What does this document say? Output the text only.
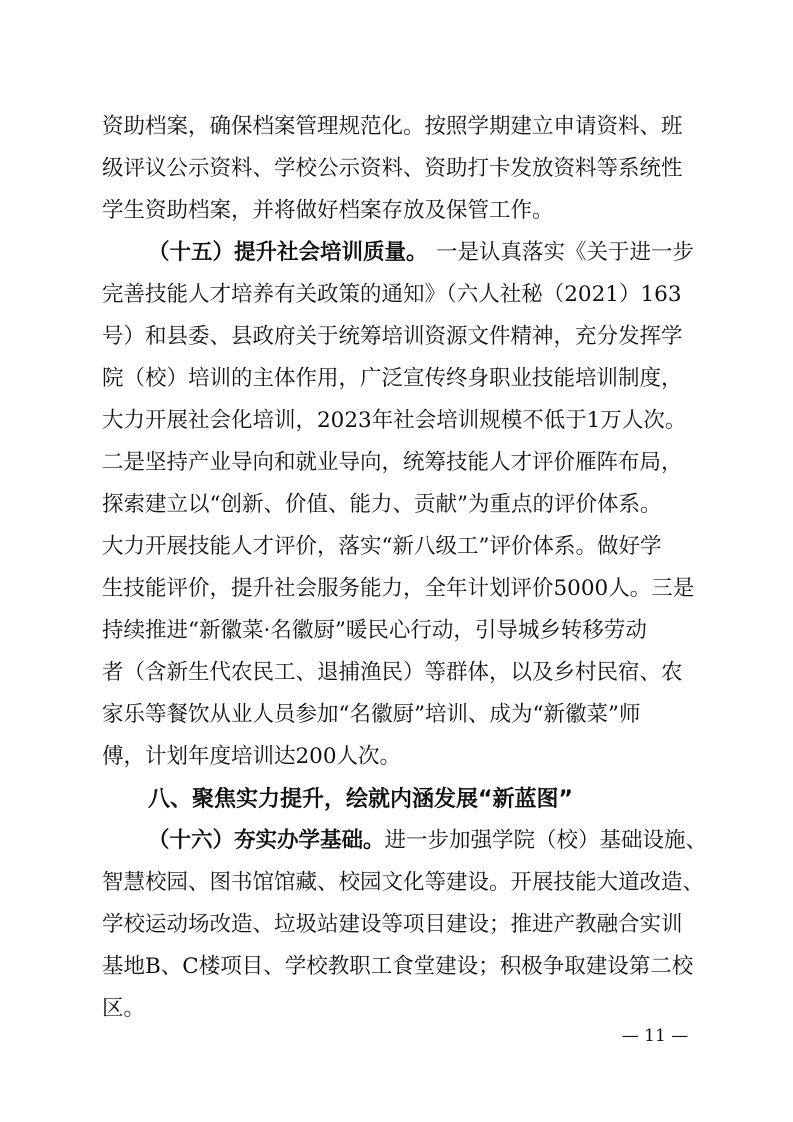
资助档案，确保档案管理规范化。按照学期建立申请资料、班
级评议公示资料、学校公示资料、资助打卡发放资料等系统性
学生资助档案，并将做好档案存放及保管工作。
（十五）提升社会培训质量。 一是认真落实《关于进一步
完善技能人才培养有关政策的通知》（六人社秘（2021）163
号）和县委、县政府关于统筹培训资源文件精神，充分发挥学
院（校）培训的主体作用，广泛宣传终身职业技能培训制度，
大力开展社会化培训，2023年社会培训规模不低于1万人次。
二是坚持产业导向和就业导向，统筹技能人才评价雁阵布局，
探索建立以“创新、价值、能力、贡献”为重点的评价体系。
大力开展技能人才评价，落实“新八级工”评价体系。做好学
生技能评价，提升社会服务能力，全年计划评价5000人。三是
持续推进“新徽菜·名徽厨”暖民心行动，引导城乡转移劳动
者（含新生代农民工、退捕渔民）等群体，以及乡村民宿、农
家乐等餐饮从业人员参加“名徽厨”培训、成为“新徽菜”师
傅，计划年度培训达200人次。
八、聚焦实力提升，绘就内涵发展“新蓝图”
（十六）夯实办学基础。 进一步加强学院（校）基础设施、
智慧校园、图书馆馆藏、校园文化等建设。开展技能大道改造、
学校运动场改造、垃圾站建设等项目建设；推进产教融合实训
基地B、C楼项目、学校教职工食堂建设；积极争取建设第二校
区。
— 11 —
